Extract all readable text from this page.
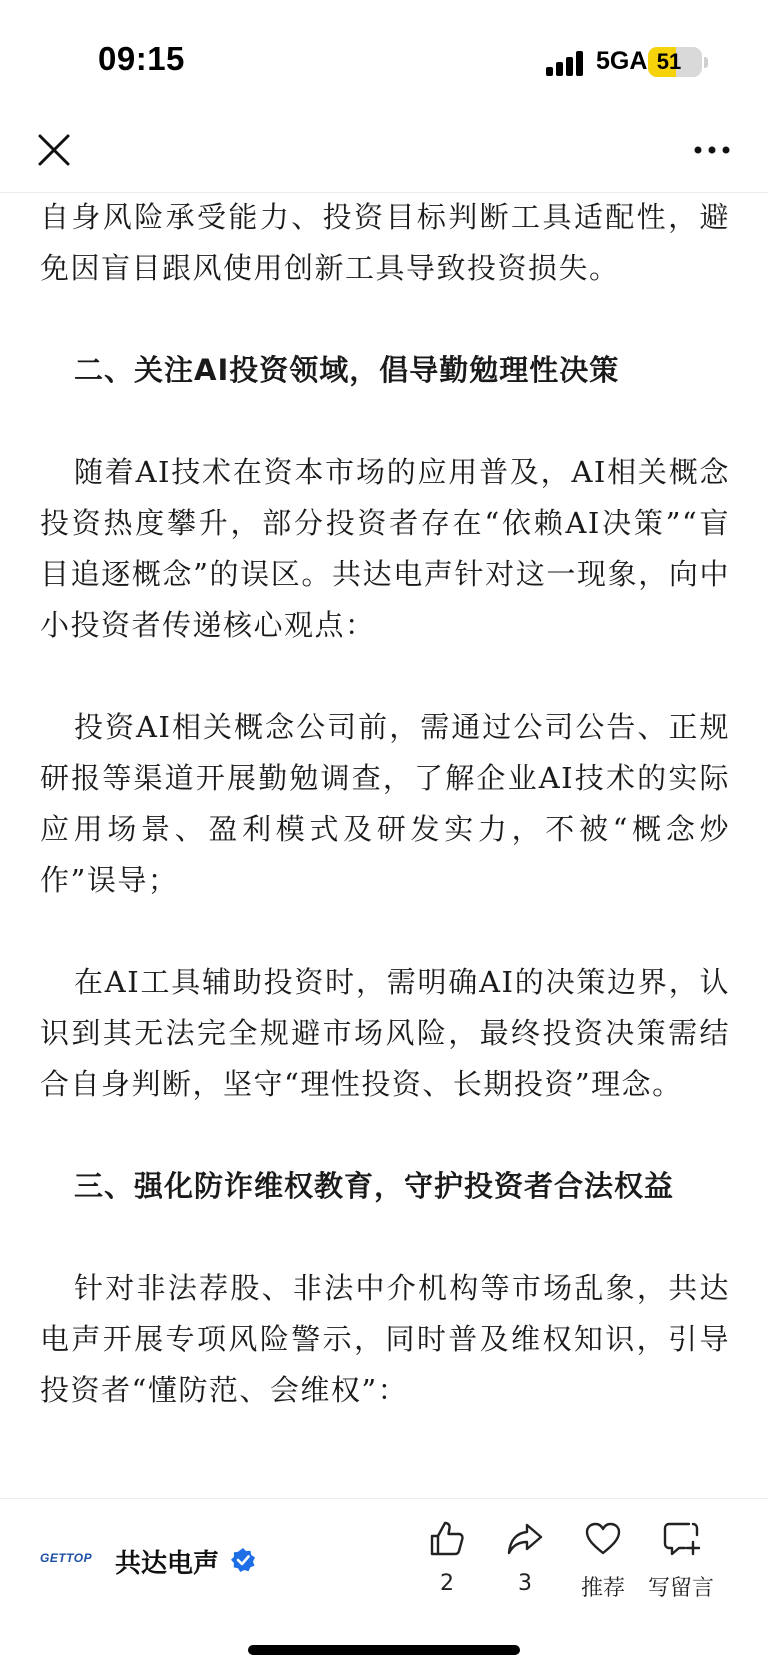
09:15	5GA 51

自身风险承受能力、投资目标判断工具适配性，避免因盲目跟风使用创新工具导致投资损失。

二、关注AI投资领域，倡导勤勉理性决策

随着AI技术在资本市场的应用普及，AI相关概念投资热度攀升，部分投资者存在“依赖AI决策”“盲目追逐概念”的误区。共达电声针对这一现象，向中小投资者传递核心观点：

投资AI相关概念公司前，需通过公司公告、正规研报等渠道开展勤勉调查，了解企业AI技术的实际应用场景、盈利模式及研发实力，不被“概念炒作”误导；

在AI工具辅助投资时，需明确AI的决策边界，认识到其无法完全规避市场风险，最终投资决策需结合自身判断，坚守“理性投资、长期投资”理念。

三、强化防诈维权教育，守护投资者合法权益

针对非法荐股、非法中介机构等市场乱象，共达电声开展专项风险警示，同时普及维权知识，引导投资者“懂防范、会维权”：

GETTOP 共达电声
2	3	推荐	写留言
